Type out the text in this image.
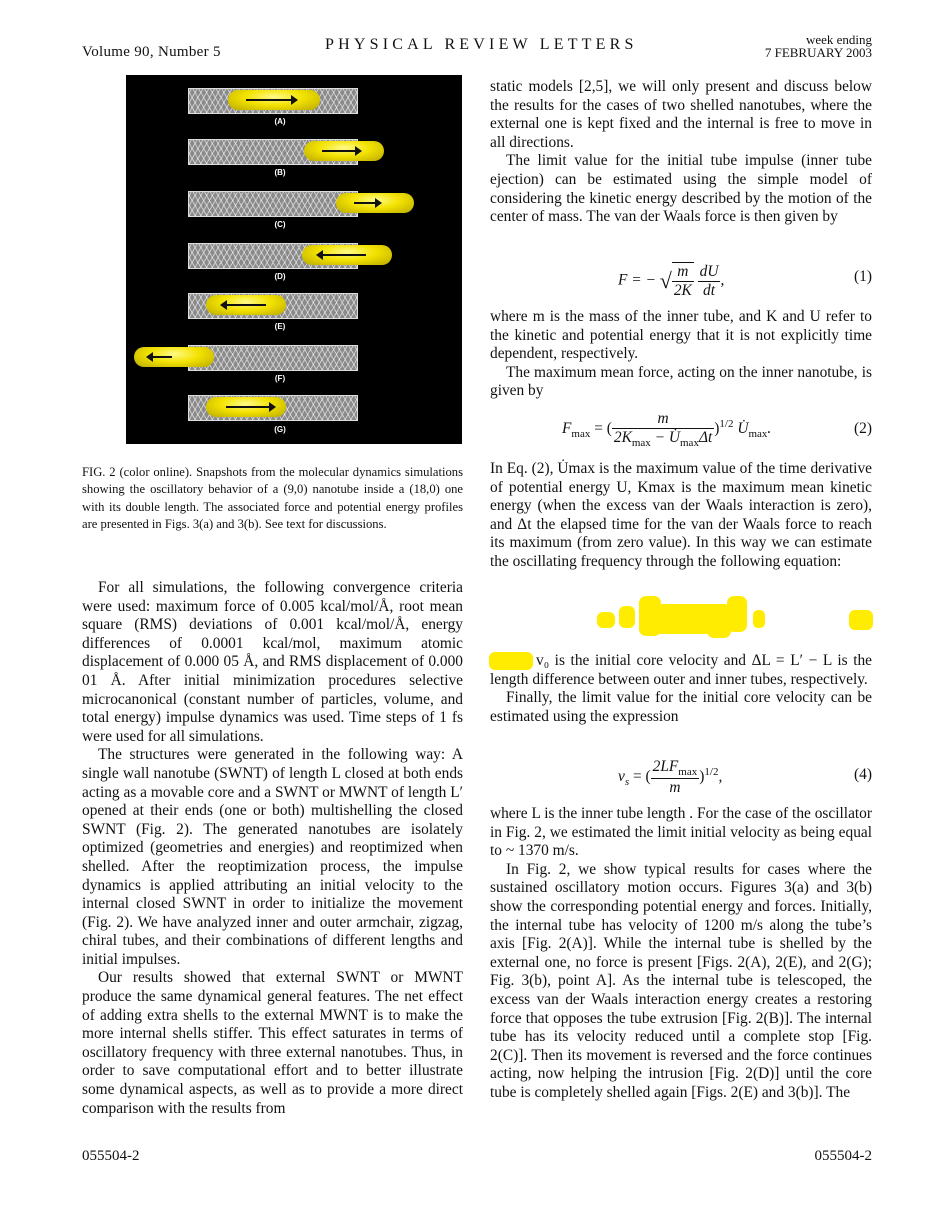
Volume 90, Number 5	PHYSICAL REVIEW LETTERS	week ending
7 FEBRUARY 2003
(A)
(B)
(C)
(D)
(E)
(F)
(G)
FIG. 2 (color online). Snapshots from the molecular dynamics simulations showing the oscillatory behavior of a (9,0) nanotube inside a (18,0) one with its double length. The associated force and potential energy profiles are presented in Figs. 3(a) and 3(b). See text for discussions.

For all simulations, the following convergence criteria were used: maximum force of 0.005 kcal/mol/Å, root mean square (RMS) deviations of 0.001 kcal/mol/Å, energy differences of 0.0001 kcal/mol, maximum atomic displacement of 0.000 05 Å, and RMS displacement of 0.000 01 Å. After initial minimization procedures selective microcanonical (constant number of particles, volume, and total energy) impulse dynamics was used. Time steps of 1 fs were used for all simulations.

The structures were generated in the following way: A single wall nanotube (SWNT) of length L closed at both ends acting as a movable core and a SWNT or MWNT of length L′ opened at their ends (one or both) multishelling the closed SWNT (Fig. 2). The generated nanotubes are isolately optimized (geometries and energies) and reoptimized when shelled. After the reoptimization process, the impulse dynamics is applied attributing an initial velocity to the internal closed SWNT in order to initialize the movement (Fig. 2). We have analyzed inner and outer armchair, zigzag, chiral tubes, and their combinations of different lengths and initial impulses.

Our results showed that external SWNT or MWNT produce the same dynamical general features. The net effect of adding extra shells to the external MWNT is to make the more internal shells stiffer. This effect saturates in terms of oscillatory frequency with three external nanotubes. Thus, in order to save computational effort and to better illustrate some dynamical aspects, as well as to provide a more direct comparison with the results from

static models [2,5], we will only present and discuss below the results for the cases of two shelled nanotubes, where the external one is kept fixed and the internal is free to move in all directions.

The limit value for the initial tube impulse (inner tube ejection) can be estimated using the simple model of considering the kinetic energy described by the motion of the center of mass. The van der Waals force is then given by

F = − √ $\frac{m}{2K}$
$\frac{dU}{dt}$ ,	(1)

where m is the mass of the inner tube, and K and U refer to the kinetic and potential energy that it is not explicitly time dependent, respectively.

The maximum mean force, acting on the inner nanotube, is given by

$F_{max}$ = ( $\frac{m}{2K_{max} - U̇_{max}\Delta t} )^{1/2}$ $U̇_{max}$.	(2)

In Eq. (2), U̇max is the maximum value of the time derivative of potential energy U, Kmax is the maximum mean kinetic energy (when the excess van der Waals interaction is zero), and Δt the elapsed time for the van der Waals force to reach its maximum (from zero value). In this way we can estimate the oscillating frequency through the following equation:

v₀ is the initial core velocity and ΔL = L′ − L is the length difference between outer and inner tubes, respectively.

Finally, the limit value for the initial core velocity can be estimated using the expression

$v_s$ = ( $\frac{2LF_{max}}{m} )^{1/2}$,	(4)

where L is the inner tube length . For the case of the oscillator in Fig. 2, we estimated the limit initial velocity as being equal to ~ 1370 m/s.

In Fig. 2, we show typical results for cases where the sustained oscillatory motion occurs. Figures 3(a) and 3(b) show the corresponding potential energy and forces. Initially, the internal tube has velocity of 1200 m/s along the tube’s axis [Fig. 2(A)]. While the internal tube is shelled by the external one, no force is present [Figs. 2(A), 2(E), and 2(G); Fig. 3(b), point A]. As the internal tube is telescoped, the excess van der Waals interaction energy creates a restoring force that opposes the tube extrusion [Fig. 2(B)]. The internal tube has its velocity reduced until a complete stop [Fig. 2(C)]. Then its movement is reversed and the force continues acting, now helping the intrusion [Fig. 2(D)] until the core tube is completely shelled again [Figs. 2(E) and 3(b)]. The

055504-2	055504-2
